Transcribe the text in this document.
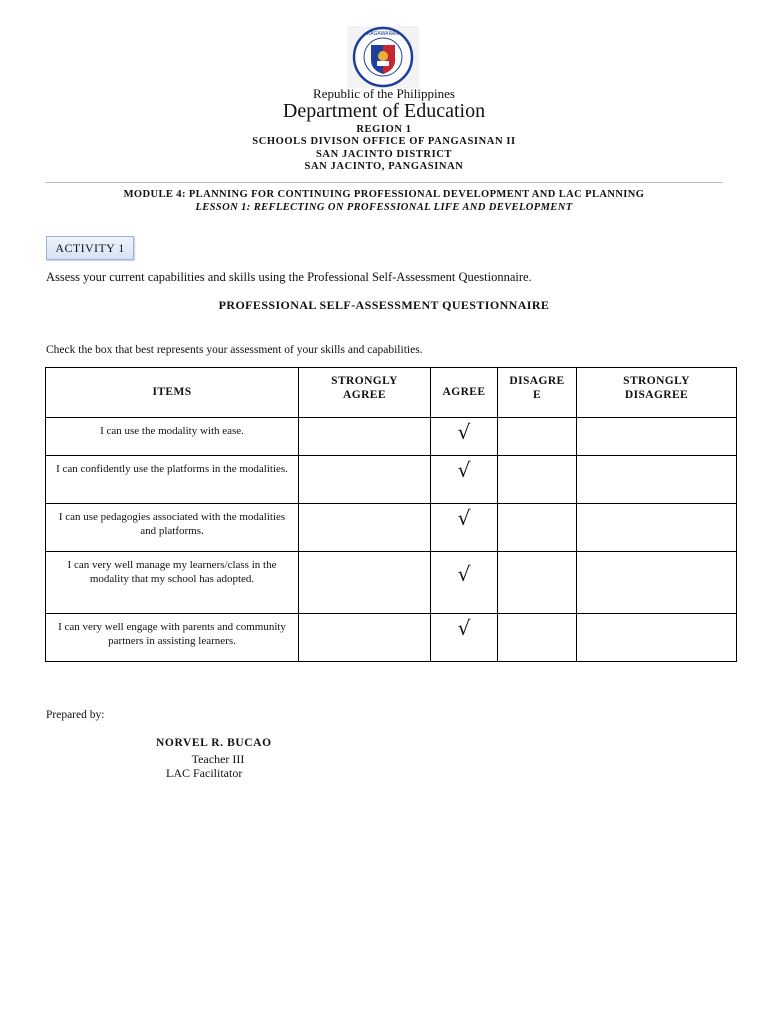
KAGAWARAN
Republic of the Philippines
Department of Education
REGION 1
SCHOOLS DIVISON OFFICE OF PANGASINAN II
SAN JACINTO DISTRICT
SAN JACINTO, PANGASINAN
MODULE 4: PLANNING FOR CONTINUING PROFESSIONAL DEVELOPMENT AND LAC PLANNING
LESSON 1: REFLECTING ON PROFESSIONAL LIFE AND DEVELOPMENT
ACTIVITY 1
Assess your current capabilities and skills using the Professional Self-Assessment Questionnaire.
PROFESSIONAL SELF-ASSESSMENT QUESTIONNAIRE
Check the box that best represents your assessment of your skills and capabilities.
ITEMS	STRONGLY AGREE	AGREE	DISAGRE E	STRONGLY DISAGREE
I can use the modality with ease.		√		
I can confidently use the platforms in the modalities.		√		
I can use pedagogies associated with the modalities and platforms.		√		
I can very well manage my learners/class in the modality that my school has adopted.		√		
I can very well engage with parents and community partners in assisting learners.		√		
Prepared by:
NORVEL R. BUCAO
Teacher III
LAC Facilitator
